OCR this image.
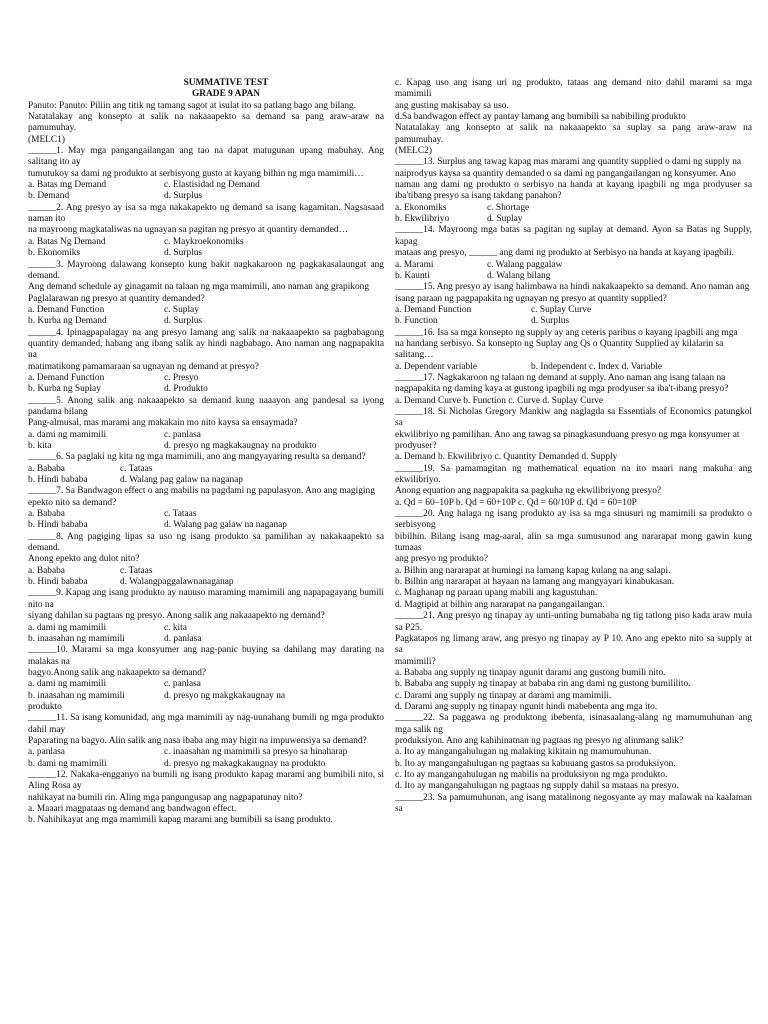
SUMMATIVE TEST

GRADE 9 APAN

Panuto: Panuto: Piliin ang titik ng tamang sagot at isulat ito sa patlang bago ang bilang.

Natatalakay ang konsepto at salik na nakaaapekto sa demand sa pang araw-araw na pamumuhay.

(MELC1)

______1. May mga pangangailangan ang tao na dapat matugunan upang mabuhay. Ang salitang ito ay

tumutukoy sa dami ng produkto at serbisyong gusto at kayang bilhin ng mga mamimili…

a. Batas mg Demand	c. Elastisidad ng Demand
b. Demand	d. Surplus

______2. Ang presyo ay isa sa mga nakakapekto ng demand sa isang kagamitan. Nagsasaad naman ito

na mayroong magkataliwas na ugnayan sa pagitan ng presyo at quantity demanded…

a. Batas Ng Demand	c. Maykroekonomiks
b. Ekonomiks	d. Surplus

______3. Mayroong dalawang konsepto kung bakit nagkakaroon ng pagkakasalaungat ang demand.

Ang demand schedule ay ginagamit na talaan ng mga mamimili, ano naman ang grapikong

Paglalarawan ng presyo at quantity demanded?

a. Demand Function	c. Suplay
b. Kurba ng Demand	d. Surplus

______4. Ipinagpapalagay na ang presyo lamang ang salik na nakaaapekto sa pagbabagong quantity demanded, habang ang ibang salik ay hindi nagbabago. Ano naman ang nagpapakita na

matimatikong pamamaraan sa ugnayan ng demand at presyo?

a. Demand Function	c. Presyo
b. Kurba ng Suplay	d. Produkto

______5. Anong salik ang nakaaapekto sa demand kung naaayon ang pandesal sa iyong pandama bilang

Pang-almusal, mas marami ang makakain mo nito kaysa sa ensaymada?

a. dami ng mamimili	c. panlasa
b. kita	d. presyo ng magkakaugnay na produkto

______6. Sa paglaki ng kita ng mga mamimili, ano ang mangyayaring resulta sa demand?

a. Bababa	c. Tataas
b. Hindi bababa	d. Walang pag galaw na naganap

______7. Sa Bandwagon effect o ang mabilis na pagdami ng papulasyon. Ano ang magiging

epekto nito sa demand?

a. Bababa	c. Tataas
b. Hindi bababa	d. Walang pag galaw na naganap

______8. Ang pagiging lipas sa uso ng isang produkto sa pamilihan ay nakakaapekto sa demand.

Anong epekto ang dulot nito?

a. Bababa	c. Tataas
b. Hindi bababa	d. Walangpaggalawnanaganap

______9. Kapag ang isang produkto ay nauuso maraming mamimili ang napapagayang bumili nito na

siyang dahilan sa pagtaas ng presyo. Anong salik ang nakaaapekto ng demand?

a. dami ng mamimili	c. kita
b. inaasahan ng mamimili	d. panlasa

______10. Marami sa mga konsyumer ang nag-panic buying sa dahilang may darating na malakas na

bagyo.Anong salik ang nakaapekto sa demand?

a. dami ng mamimili	c. panlasa
b. inaasahan ng mamimili	d. presyo ng makgkakaugnay na

produkto

______11. Sa isang komunidad, ang mga mamimili ay nag-uunahang bumili ng mga produkto dahil may

Paparating na bagyo. Alin salik ang nasa ibaba ang may higit na impuwensiya sa demand?

a. panlasa	c. inaasahan ng mamimili sa presyo sa hinaharap
b. dami ng mamimili	d. presyo ng makagkakaugnay na produkto

______12. Nakaka-engganyo na bumili ng isang produkto kapag marami ang bumibili nito, si Aling Rosa ay

nahikayat na bumili rin. Aling mga pangungusap ang nagpapatunay nito?

a. Maaari magpataas ng demand ang bandwagon effect.

b. Nahihikayat ang mga mamimili kapag marami ang bumibili sa isang produkto.

c. Kapag uso ang isang uri ng produkto, tataas ang demand nito dahil marami sa mga mamimili

ang gusting makisabay sa uso.

d.Sa bandwagon effect ay pantay lamang ang bumibili sa nabibiling produkto

Natatalakay ang konsepto at salik na nakaaapekto sa suplay sa pang araw-araw na pamumuhay.

(MELC2)

______13. Surplus ang tawag kapag mas marami ang quantity supplied o dami ng supply na

naiprodyus kaysa sa quantity demanded o sa dami ng pangangailangan ng konsyumer. Ano

naman ang dami ng produkto o serbisyo na handa at kayang ipagbili ng mga prodyuser sa iba'tibang presyo sa isang takdang panahon?

a. Ekonomiks	c. Shortage
b. Ekwilibriyo	d. Suplay

______14. Mayroong mga batas sa pagitan ng suplay at demand. Ayon sa Batas ng Supply, kapag

mataas ang presyo, ______ ang dami ng produkto at Serbisyo na handa at kayang ipagbili.

a. Marami	c. Walang paggalaw
b. Kaunti	d. Walang bilang

______15. Ang presyo ay isang halimbawa na hindi nakakaapekto sa demand. Ano naman ang

isang paraan ng pagpapakita ng ugnayan ng presyo at quantity supplied?

a. Demand Function	c. Suplay Curve
b. Function	d. Surplus

______16. Isa sa mga konsepto ng supply ay ang ceteris paribus o kayang ipagbili ang mga

na handang serbisyo. Sa konsepto ng Suplay ang Qs o Quantity Supplied ay kilalarin sa

salitang…

a. Dependent variable	b. Independent c. Index d. Variable

______17. Nagkakaroon ng talaan ng demand at supply. Ano naman ang isang talaan na

nagpapakita ng daming kaya at gustong ipagbili ng mga prodyuser sa iba't-ibang presyo?

a. Demand Curve b. Function c. Curve d. Suplay Curve

______18. Si Nicholas Gregory Mankiw ang naglagda sa Essentials of Economics patungkol sa

ekwilibriyo ng pamilihan. Ano ang tawag sa pinagkasunduang presyo ng mga konsyumer at

prodyuser?

a. Demand b. Ekwilibriyo c. Quantity Demanded d. Supply

______19. Sa pamamagitan ng mathematical equation na ito maari nang makuha ang ekwilibriyo.

Anong equation ang nagpapakita sa pagkuha ng ekwilibriyong presyo?

a. Qd = 60–10P b. Qd = 60+10P c. Qd = 60/10P d. Qd = 60=10P

______20. Ang halaga ng isang produkto ay isa sa mga sinusuri ng mamimili sa produkto o serbisyong

bibilhin. Bilang isang mag-aaral, alin sa mga sumusunod ang nararapat mong gawin kung tumaas

ang presyo ng produkto?

a. Bilhin ang nararapat at humingi na lamang kapag kulang na ang salapi.

b. Bilhin ang nararapat at hayaan na lamang ang mangyayari kinabukasan.

c. Maghanap ng paraan upang mabili ang kagustuhan.

d. Magtipid at bilhin ang nararapat na pangangailangan.

______21. Ang presyo ng tinapay ay unti-unting bumababa ng tig tatlong piso kada araw mula sa P25.

Pagkatapos ng limang araw, ang presyo ng tinapay ay P 10. Ano ang epekto nito sa supply at sa

mamimili?

a. Bababa ang supply ng tinapay ngunit darami ang gustong bumili nito.

b. Bababa ang supply ng tinapay at bababa rin ang dami ng gustong bumililito.

c. Darami ang supply ng tinapay at darami ang mamimili.

d. Darami ang supply ng tinapay ngunit hindi mabebenta ang mga ito.

______22. Sa paggawa ng produktong ibebenta, isinasaalang-alang ng mamumuhunan ang mga salik ng

produksiyon. Ano ang kahihinatnan ng pagtaas ng presyo ng alinmang salik?

a. Ito ay mangangahulugan ng malaking kikitain ng mamumuhunan.

b. Ito ay mangangahulugan ng pagtaas sa kabuuang gastos sa produksiyon.

c. Ito ay mangangahulugan ng mabilis na produksiyon ng mga produkto.

d. Ito ay mangangahulugan ng pagtaas ng supply dahil sa mataas na presyo.

______23. Sa pamumuhunan, ang isang matalinong negosyante ay may malawak na kaalaman sa
